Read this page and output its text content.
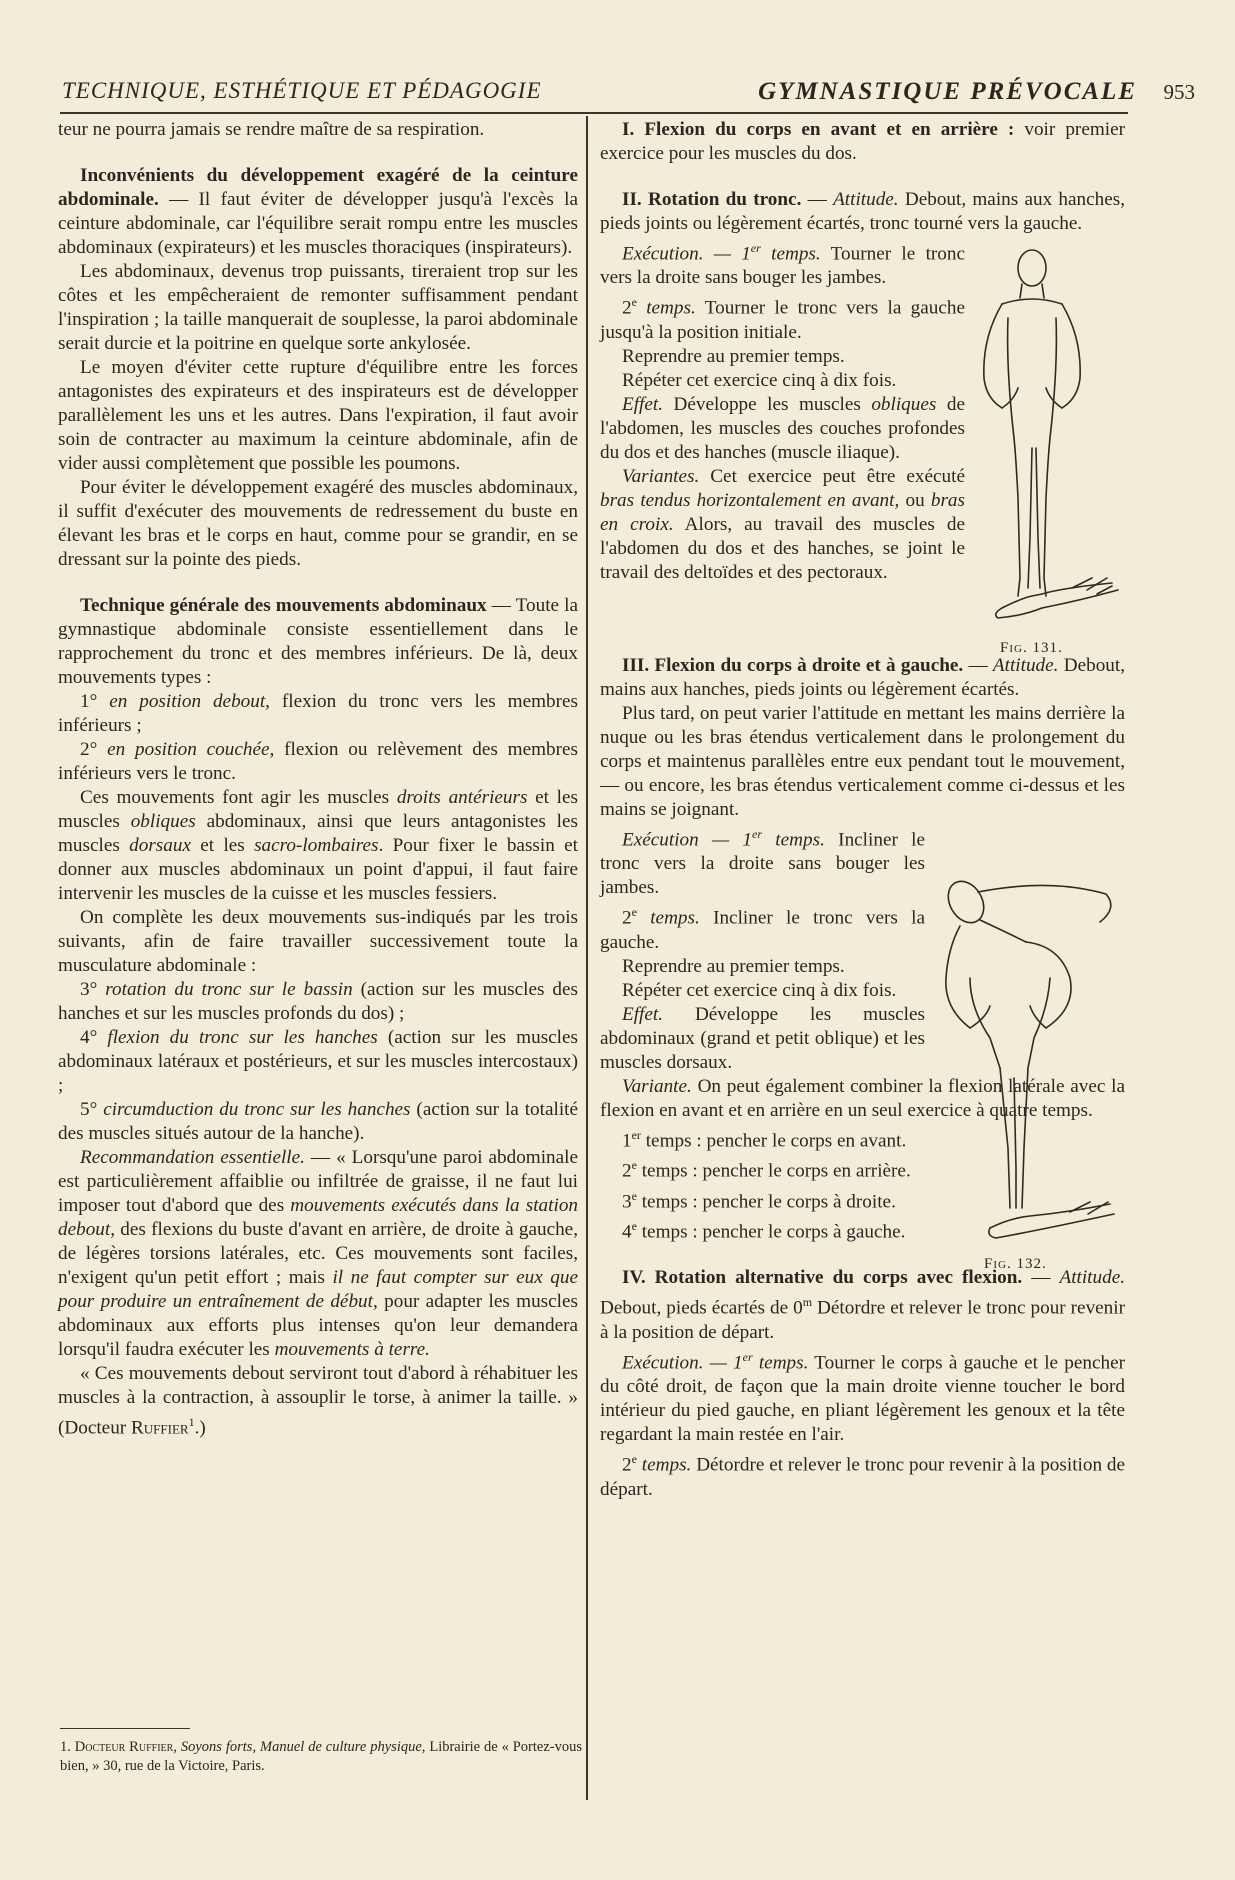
TECHNIQUE, ESTHÉTIQUE ET PÉDAGOGIE	GYMNASTIQUE PRÉVOCALE 953

teur ne pourra jamais se rendre maître de sa respiration.

Inconvénients du développement exagéré de la ceinture abdominale. — Il faut éviter de développer jusqu'à l'excès la ceinture abdominale, car l'équilibre serait rompu entre les muscles abdominaux (expirateurs) et les muscles thoraciques (inspirateurs).

Les abdominaux, devenus trop puissants, tireraient trop sur les côtes et les empêcheraient de remonter suffisamment pendant l'inspiration ; la taille manquerait de souplesse, la paroi abdominale serait durcie et la poitrine en quelque sorte ankylosée.

Le moyen d'éviter cette rupture d'équilibre entre les forces antagonistes des expirateurs et des inspirateurs est de développer parallèlement les uns et les autres. Dans l'expiration, il faut avoir soin de contracter au maximum la ceinture abdominale, afin de vider aussi complètement que possible les poumons.

Pour éviter le développement exagéré des muscles abdominaux, il suffit d'exécuter des mouvements de redressement du buste en élevant les bras et le corps en haut, comme pour se grandir, en se dressant sur la pointe des pieds.

Technique générale des mouvements abdominaux — Toute la gymnastique abdominale consiste essentiellement dans le rapprochement du tronc et des membres inférieurs. De là, deux mouvements types :

1° en position debout, flexion du tronc vers les membres inférieurs ;

2° en position couchée, flexion ou relèvement des membres inférieurs vers le tronc.

Ces mouvements font agir les muscles droits antérieurs et les muscles obliques abdominaux, ainsi que leurs antagonistes les muscles dorsaux et les sacro-lombaires. Pour fixer le bassin et donner aux muscles abdominaux un point d'appui, il faut faire intervenir les muscles de la cuisse et les muscles fessiers.

On complète les deux mouvements sus-indiqués par les trois suivants, afin de faire travailler successivement toute la musculature abdominale :

3° rotation du tronc sur le bassin (action sur les muscles des hanches et sur les muscles profonds du dos) ;

4° flexion du tronc sur les hanches (action sur les muscles abdominaux latéraux et postérieurs, et sur les muscles intercostaux) ;

5° circumduction du tronc sur les hanches (action sur la totalité des muscles situés autour de la hanche).

Recommandation essentielle. — « Lorsqu'une paroi abdominale est particulièrement affaiblie ou infiltrée de graisse, il ne faut lui imposer tout d'abord que des mouvements exécutés dans la station debout, des flexions du buste d'avant en arrière, de droite à gauche, de légères torsions latérales, etc. Ces mouvements sont faciles, n'exigent qu'un petit effort ; mais il ne faut compter sur eux que pour produire un entraînement de début, pour adapter les muscles abdominaux aux efforts plus intenses qu'on leur demandera lorsqu'il faudra exécuter les mouvements à terre.

« Ces mouvements debout serviront tout d'abord à réhabituer les muscles à la contraction, à assouplir le torse, à animer la taille. » (Docteur Ruffier$^1$.)

1. Docteur Ruffier, Soyons forts, Manuel de culture physique, Librairie de « Portez-vous bien, » 30, rue de la Victoire, Paris.

I. Flexion du corps en avant et en arrière : voir premier exercice pour les muscles du dos.

II. Rotation du tronc. — Attitude. Debout, mains aux hanches, pieds joints ou légèrement écartés, tronc tourné vers la gauche.

Exécution. — 1er temps. Tourner le tronc vers la droite sans bouger les jambes.

2e temps. Tourner le tronc vers la gauche jusqu'à la position initiale.

Reprendre au premier temps.

Répéter cet exercice cinq à dix fois.

Effet. Développe les muscles obliques de l'abdomen, les muscles des couches profondes du dos et des hanches (muscle iliaque).

Variantes. Cet exercice peut être exécuté bras tendus horizontalement en avant, ou bras en croix. Alors, au travail des muscles de l'abdomen du dos et des hanches, se joint le travail des deltoïdes et des pectoraux.

III. Flexion du corps à droite et à gauche. — Attitude. Debout, mains aux hanches, pieds joints ou légèrement écartés.

Plus tard, on peut varier l'attitude en mettant les mains derrière la nuque ou les bras étendus verticalement dans le prolongement du corps et maintenus parallèles entre eux pendant tout le mouvement, — ou encore, les bras étendus verticalement comme ci-dessus et les mains se joignant.

Exécution — 1er temps. Incliner le tronc vers la droite sans bouger les jambes.

2e temps. Incliner le tronc vers la gauche.

Reprendre au premier temps.

Répéter cet exercice cinq à dix fois.

Effet. Développe les muscles abdominaux (grand et petit oblique) et les muscles dorsaux.

Variante. On peut également combiner la flexion latérale avec la flexion en avant et en arrière en un seul exercice à quatre temps.

1er temps : pencher le corps en avant.

2e temps : pencher le corps en arrière.

3e temps : pencher le corps à droite.

4e temps : pencher le corps à gauche.

IV. Rotation alternative du corps avec flexion. — Attitude. Debout, pieds écartés de 0$^m$ Détordre et relever le tronc pour revenir à la position de départ.

Exécution. — 1er temps. Tourner le corps à gauche et le pencher du côté droit, de façon que la main droite vienne toucher le bord intérieur du pied gauche, en pliant légèrement les genoux et la tête regardant la main restée en l'air.

2e temps. Détordre et relever le tronc pour revenir à la position de départ.

Fig. 131.
Fig. 132.
